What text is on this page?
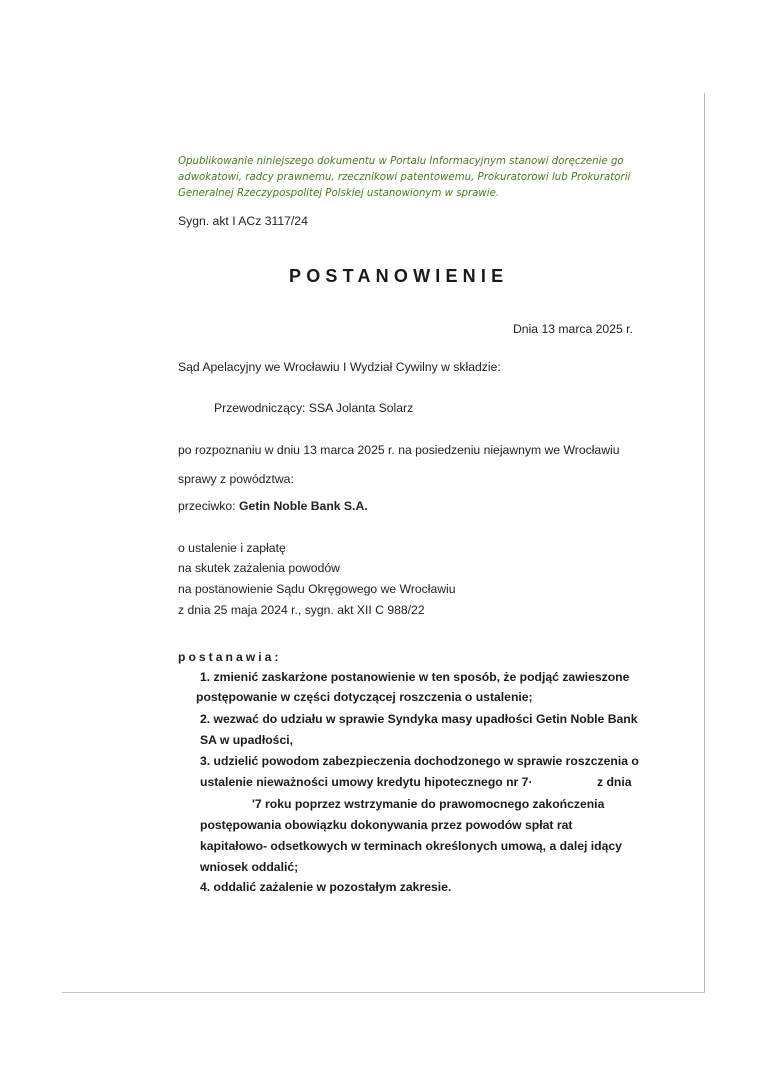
Opublikowanie niniejszego dokumentu w Portalu Informacyjnym stanowi doręczenie go
adwokatowi, radcy prawnemu, rzecznikowi patentowemu, Prokuratorowi lub Prokuratorii
Generalnej Rzeczypospolitej Polskiej ustanowionym w sprawie.
Sygn. akt I ACz 3117/24
POSTANOWIENIE
Dnia 13 marca 2025 r.
Sąd Apelacyjny we Wrocławiu I Wydział Cywilny w składzie:
Przewodniczący: SSA Jolanta Solarz
po rozpoznaniu w dniu 13 marca 2025 r. na posiedzeniu niejawnym we Wrocławiu
sprawy z powództwa:
przeciwko: Getin Noble Bank S.A.
o ustalenie i zapłatę
na skutek zażalenia powodów
na postanowienie Sądu Okręgowego we Wrocławiu
z dnia 25 maja 2024 r., sygn. akt XII C 988/22
postanawia:
1. zmienić zaskarżone postanowienie w ten sposób, że podjąć zawieszone
postępowanie w części dotyczącej roszczenia o ustalenie;
2. wezwać do udziału w sprawie Syndyka masy upadłości Getin Noble Bank
SA w upadłości,
3. udzielić powodom zabezpieczenia dochodzonego w sprawie roszczenia o
ustalenie nieważności umowy kredytu hipotecznego nr 7·	z dnia
'7 roku poprzez wstrzymanie do prawomocnego zakończenia
postępowania obowiązku dokonywania przez powodów spłat rat
kapitałowo- odsetkowych w terminach określonych umową, a dalej idący
wniosek oddalić;
4. oddalić zażalenie w pozostałym zakresie.
